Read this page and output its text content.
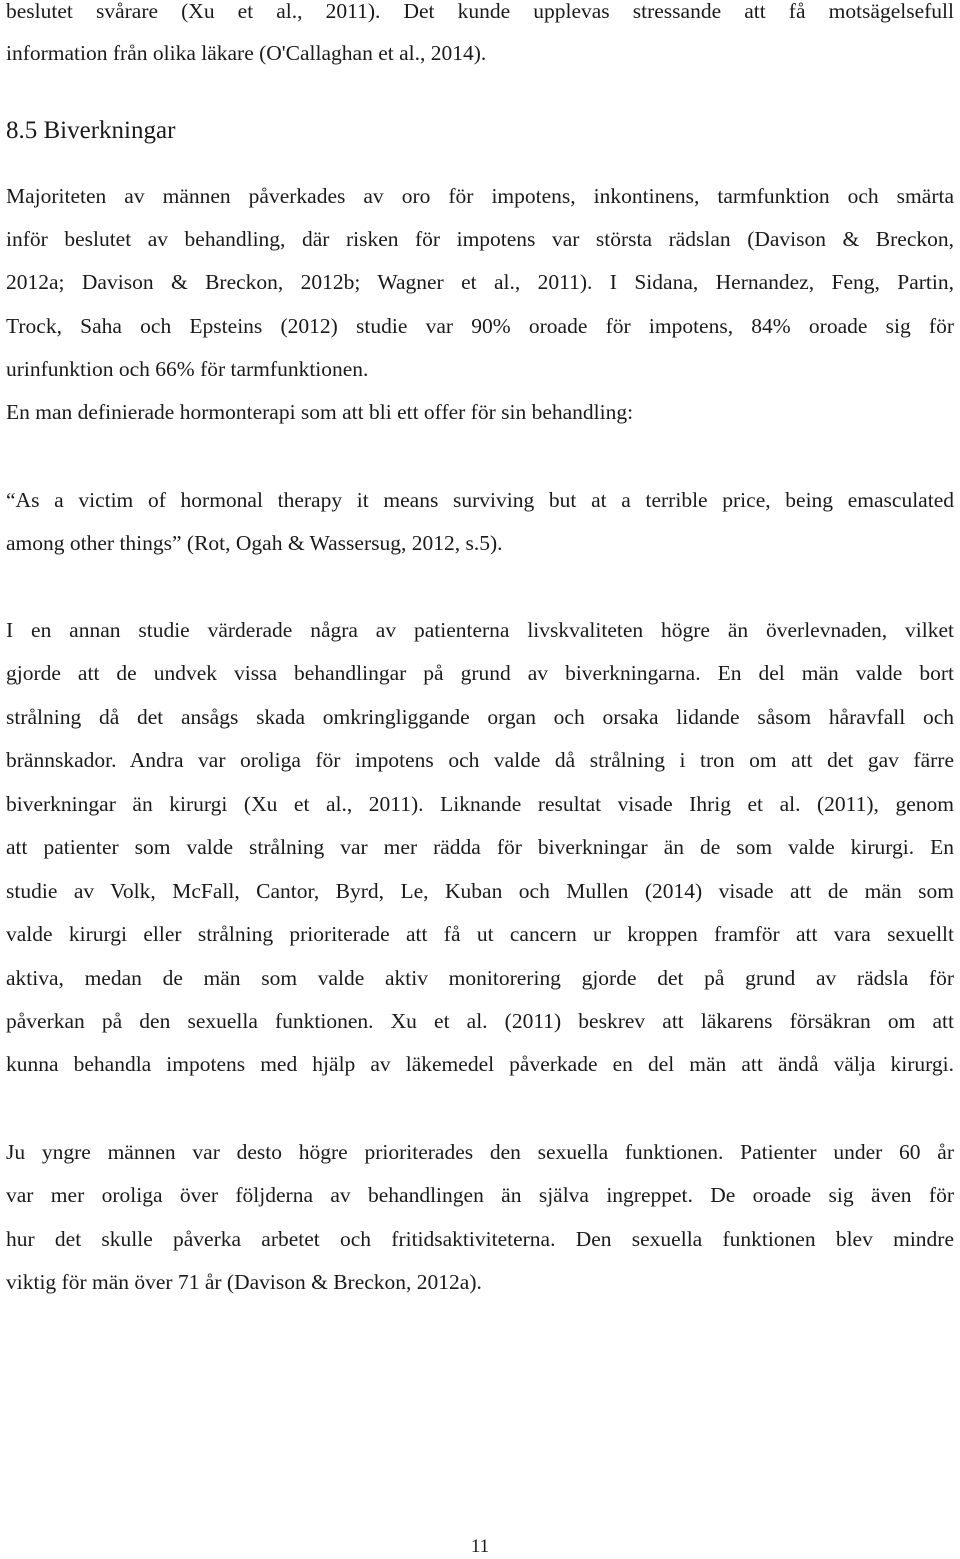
beslutet svårare (Xu et al., 2011). Det kunde upplevas stressande att få motsägelsefull
information från olika läkare (O'Callaghan et al., 2014).
8.5 Biverkningar
Majoriteten av männen påverkades av oro för impotens, inkontinens, tarmfunktion och smärta
inför beslutet av behandling, där risken för impotens var största rädslan (Davison & Breckon,
2012a; Davison & Breckon, 2012b; Wagner et al., 2011). I Sidana, Hernandez, Feng, Partin,
Trock, Saha och Epsteins (2012) studie var 90% oroade för impotens, 84% oroade sig för
urinfunktion och 66% för tarmfunktionen.
En man definierade hormonterapi som att bli ett offer för sin behandling:
“As a victim of hormonal therapy it means surviving but at a terrible price, being emasculated
among other things” (Rot, Ogah & Wassersug, 2012, s.5).
I en annan studie värderade några av patienterna livskvaliteten högre än överlevnaden, vilket
gjorde att de undvek vissa behandlingar på grund av biverkningarna. En del män valde bort
strålning då det ansågs skada omkringliggande organ och orsaka lidande såsom håravfall och
brännskador. Andra var oroliga för impotens och valde då strålning i tron om att det gav färre
biverkningar än kirurgi (Xu et al., 2011). Liknande resultat visade Ihrig et al. (2011), genom
att patienter som valde strålning var mer rädda för biverkningar än de som valde kirurgi. En
studie av Volk, McFall, Cantor, Byrd, Le, Kuban och Mullen (2014) visade att de män som
valde kirurgi eller strålning prioriterade att få ut cancern ur kroppen framför att vara sexuellt
aktiva, medan de män som valde aktiv monitorering gjorde det på grund av rädsla för
påverkan på den sexuella funktionen. Xu et al. (2011) beskrev att läkarens försäkran om att
kunna behandla impotens med hjälp av läkemedel påverkade en del män att ändå välja kirurgi.
Ju yngre männen var desto högre prioriterades den sexuella funktionen. Patienter under 60 år
var mer oroliga över följderna av behandlingen än själva ingreppet. De oroade sig även för
hur det skulle påverka arbetet och fritidsaktiviteterna. Den sexuella funktionen blev mindre
viktig för män över 71 år (Davison & Breckon, 2012a).
11
